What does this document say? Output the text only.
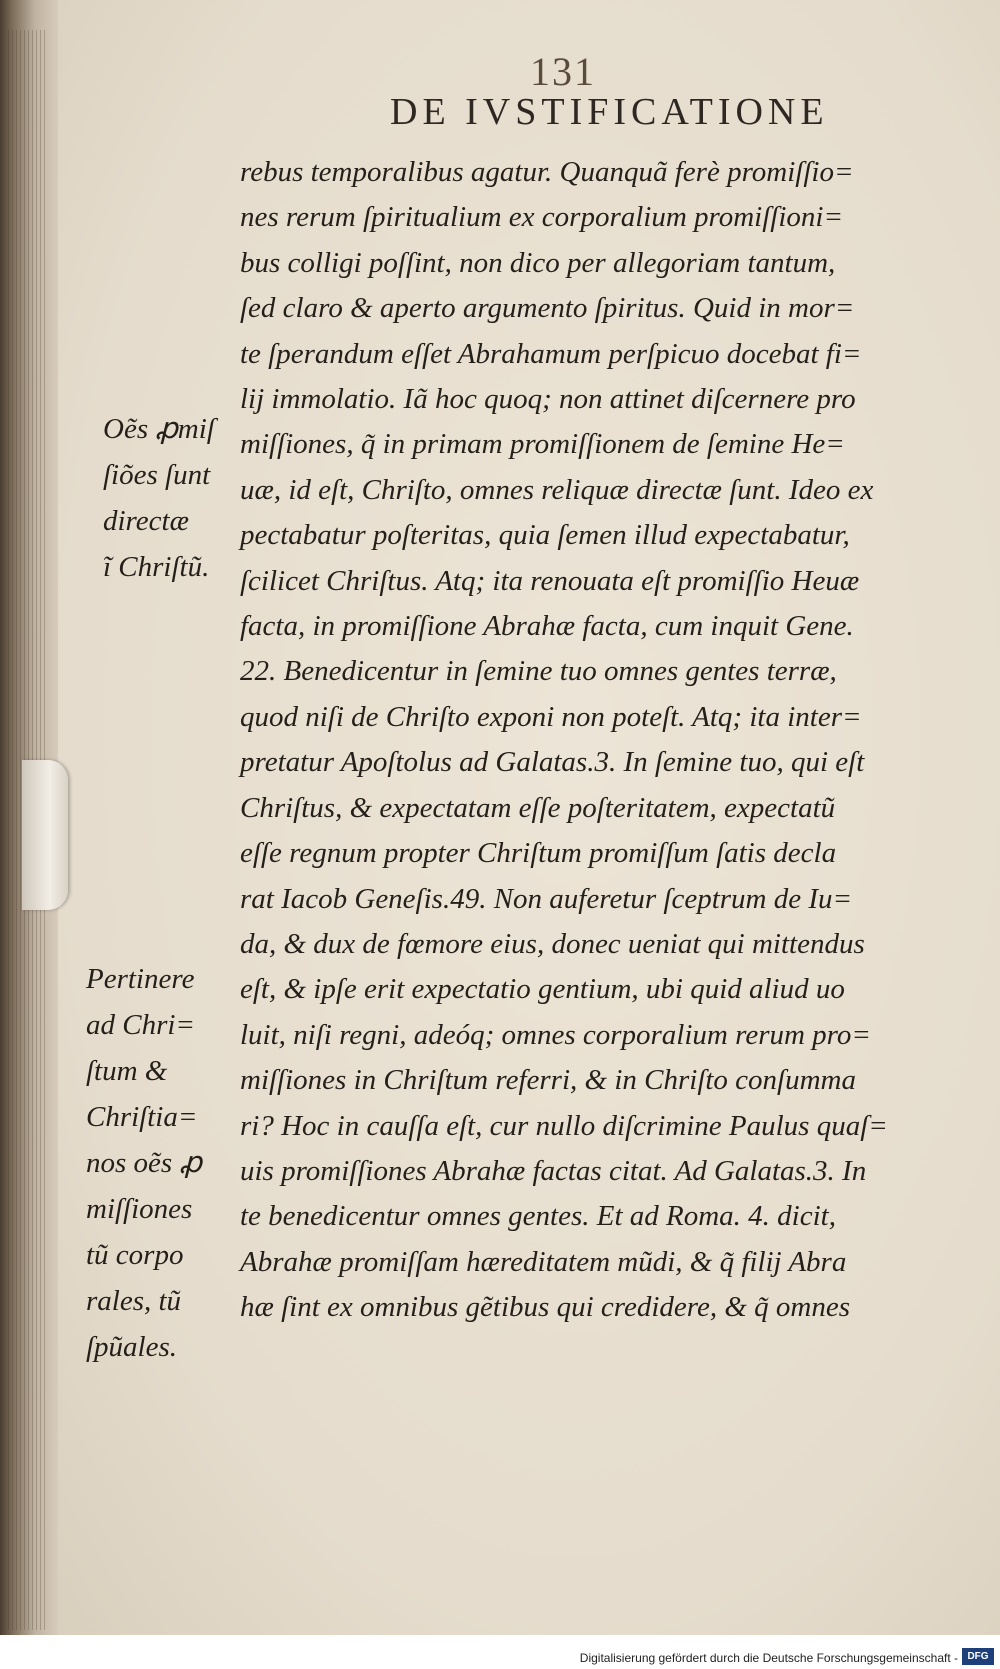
131
DE IVSTIFICATIONE
Oẽs ꝓmiſ
ſiões ſunt
directæ
ĩ Chriſtũ.
Pertinere
ad Chri=
ſtum &
Chriſtia=
nos oẽs ꝓ
miſſiones
tũ corpo
rales, tũ
ſpũales.
rebus temporalibus agatur. Quanquã ferè promiſſio=
nes rerum ſpiritualium ex corporalium promiſſioni=
bus colligi poſſint, non dico per allegoriam tantum,
ſed claro & aperto argumento ſpiritus. Quid in mor=
te ſperandum eſſet Abrahamum perſpicuo docebat fi=
lij immolatio. Iã hoc quoq; non attinet diſcernere pro
miſſiones, q̃ in primam promiſſionem de ſemine He=
uæ, id eſt, Chriſto, omnes reliquæ directæ ſunt. Ideo ex
pectabatur poſteritas, quia ſemen illud expectabatur,
ſcilicet Chriſtus. Atq; ita renouata eſt promiſſio Heuæ
facta, in promiſſione Abrahæ facta, cum inquit Gene.
22. Benedicentur in ſemine tuo omnes gentes terræ,
quod niſi de Chriſto exponi non poteſt. Atq; ita inter=
pretatur Apoſtolus ad Galatas.3. In ſemine tuo, qui eſt
Chriſtus, & expectatam eſſe poſteritatem, expectatũ
eſſe regnum propter Chriſtum promiſſum ſatis decla
rat Iacob Geneſis.49. Non auferetur ſceptrum de Iu=
da, & dux de fœmore eius, donec ueniat qui mittendus
eſt, & ipſe erit expectatio gentium, ubi quid aliud uo
luit, niſi regni, adeóq; omnes corporalium rerum pro=
miſſiones in Chriſtum referri, & in Chriſto conſumma
ri? Hoc in cauſſa eſt, cur nullo diſcrimine Paulus quaſ=
uis promiſſiones Abrahæ factas citat. Ad Galatas.3. In
te benedicentur omnes gentes. Et ad Roma. 4. dicit,
Abrahæ promiſſam hæreditatem mũdi, & q̃ filij Abra
hæ ſint ex omnibus gẽtibus qui credidere, & q̃ omnes
Digitalisierung gefördert durch die Deutsche Forschungsgemeinschaft - DFG
